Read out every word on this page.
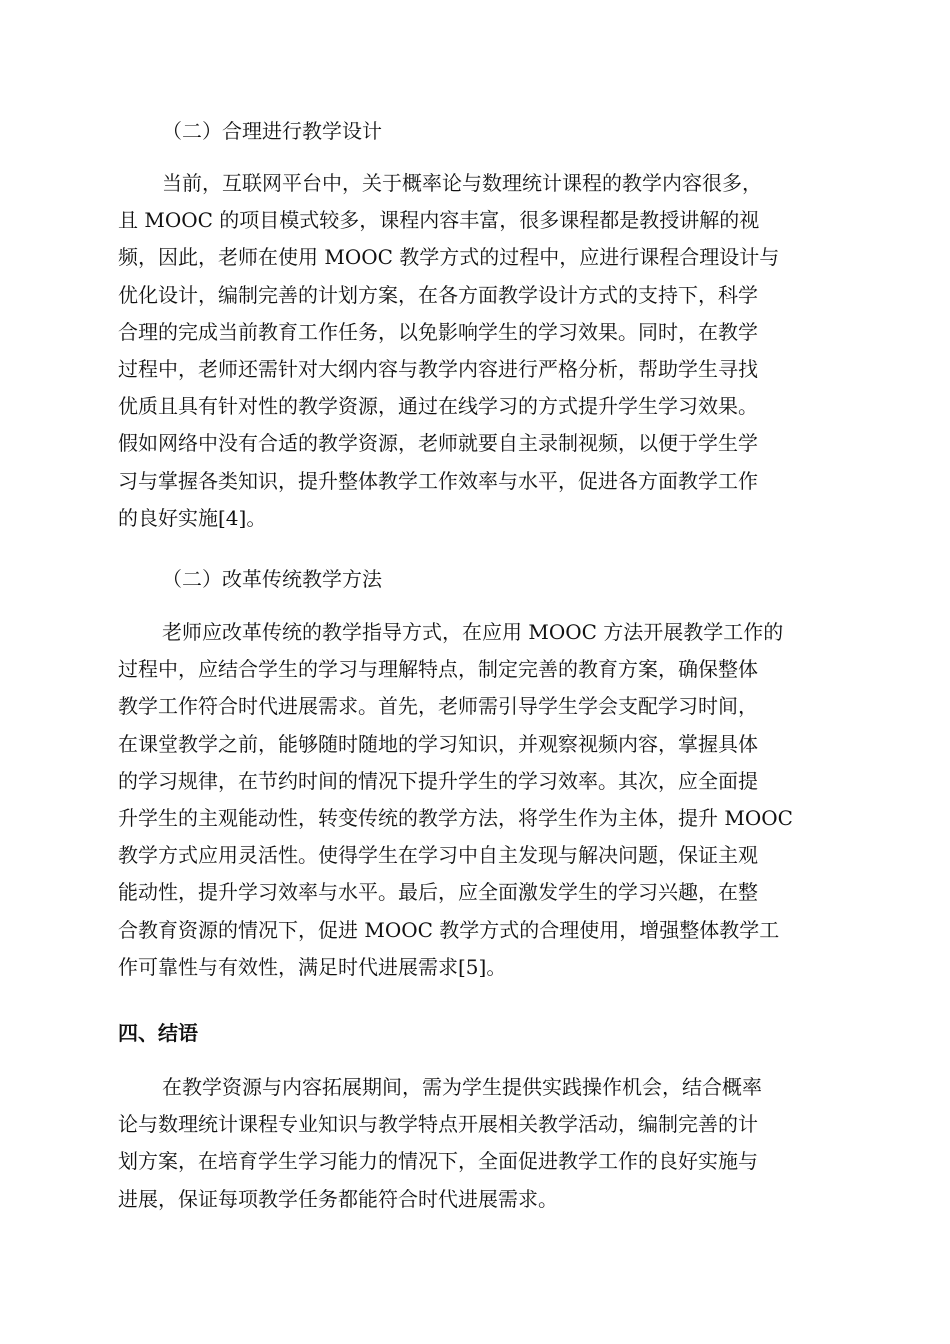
（二）合理进行教学设计

当前，互联网平台中，关于概率论与数理统计课程的教学内容很多，
且 MOOC 的项目模式较多，课程内容丰富，很多课程都是教授讲解的视
频，因此，老师在使用 MOOC 教学方式的过程中，应进行课程合理设计与
优化设计，编制完善的计划方案，在各方面教学设计方式的支持下，科学
合理的完成当前教育工作任务，以免影响学生的学习效果。同时，在教学
过程中，老师还需针对大纲内容与教学内容进行严格分析，帮助学生寻找
优质且具有针对性的教学资源，通过在线学习的方式提升学生学习效果。
假如网络中没有合适的教学资源，老师就要自主录制视频，以便于学生学
习与掌握各类知识，提升整体教学工作效率与水平，促进各方面教学工作
的良好实施[4]。

（二）改革传统教学方法

老师应改革传统的教学指导方式，在应用 MOOC 方法开展教学工作的
过程中，应结合学生的学习与理解特点，制定完善的教育方案，确保整体
教学工作符合时代进展需求。首先，老师需引导学生学会支配学习时间，
在课堂教学之前，能够随时随地的学习知识，并观察视频内容，掌握具体
的学习规律，在节约时间的情况下提升学生的学习效率。其次，应全面提
升学生的主观能动性，转变传统的教学方法，将学生作为主体，提升 MOOC
教学方式应用灵活性。使得学生在学习中自主发现与解决问题，保证主观
能动性，提升学习效率与水平。最后，应全面激发学生的学习兴趣，在整
合教育资源的情况下，促进 MOOC 教学方式的合理使用，增强整体教学工
作可靠性与有效性，满足时代进展需求[5]。

四、结语

在教学资源与内容拓展期间，需为学生提供实践操作机会，结合概率
论与数理统计课程专业知识与教学特点开展相关教学活动，编制完善的计
划方案，在培育学生学习能力的情况下，全面促进教学工作的良好实施与
进展，保证每项教学任务都能符合时代进展需求。
